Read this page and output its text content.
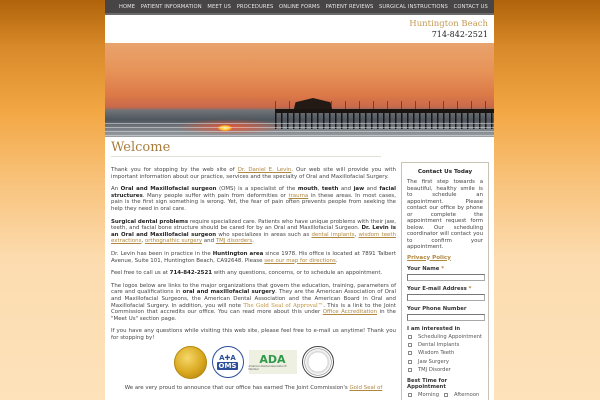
HOME PATIENT INFORMATION MEET US PROCEDURES ONLINE FORMS PATIENT REVIEWS SURGICAL INSTRUCTIONS CONTACT US
Huntington Beach
714-842-2521
Welcome

Thank you for stopping by the web site of Dr. Daniel E. Levin. Our web site will provide you with important information about our practice, services and the specialty of Oral and Maxillofacial Surgery.

An Oral and Maxillofacial surgeon (OMS) is a specialist of the mouth, teeth and jaw and facial structures. Many people suffer with pain from deformities or trauma in these areas. In most cases, pain is the first sign something is wrong. Yet, the fear of pain often prevents people from seeking the help they need in oral care.

Surgical dental problems require specialized care. Patients who have unique problems with their jaw, teeth, and facial bone structure should be cared for by an Oral and Maxillofacial Surgeon. Dr. Levin is an Oral and Maxillofacial surgeon who specializes in areas such as dental implants, wisdom teeth extractions, orthognathic surgery and TMJ disorders.

Dr. Levin has been in practice in the Huntington area since 1978. His office is located at 7891 Talbert Avenue, Suite 101, Huntington Beach, CA92648. Please see our map for directions.

Feel free to call us at 714-842-2521 with any questions, concerns, or to schedule an appointment.

The logos below are links to the major organizations that govern the education, training, parameters of care and qualifications in oral and maxillofacial surgery. They are the American Association of Oral and Maxillofacial Surgeons, the American Dental Association and the American Board in Oral and Maxillofacial Surgery. In addition, you will note The Gold Seal of Approval™. This is a link to the Joint Commission that accredits our office. You can read more about this under Office Accreditation in the "Meet Us" section page.

If you have any questions while visiting this web site, please feel free to e-mail us anytime! Thank you for stopping by!

A✚A
OMS ADA
American Dental Association® Member
We are very proud to announce that our office has earned The Joint Commission's Gold Seal of
Contact Us Today
The first step towards a beautiful, healthy smile is to schedule an appointment. Please contact our office by phone or complete the appointment request form below. Our scheduling coordinator will contact you to confirm your appointment.
Privacy Policy
Your Name *
Your E-mail Address *
Your Phone Number
I am interested in
Scheduling Appointment
Dental Implants
Wisdom Teeth
Jaw Surgery
TMJ Disorder
Best Time for Appointment
Morning	Afternoon
